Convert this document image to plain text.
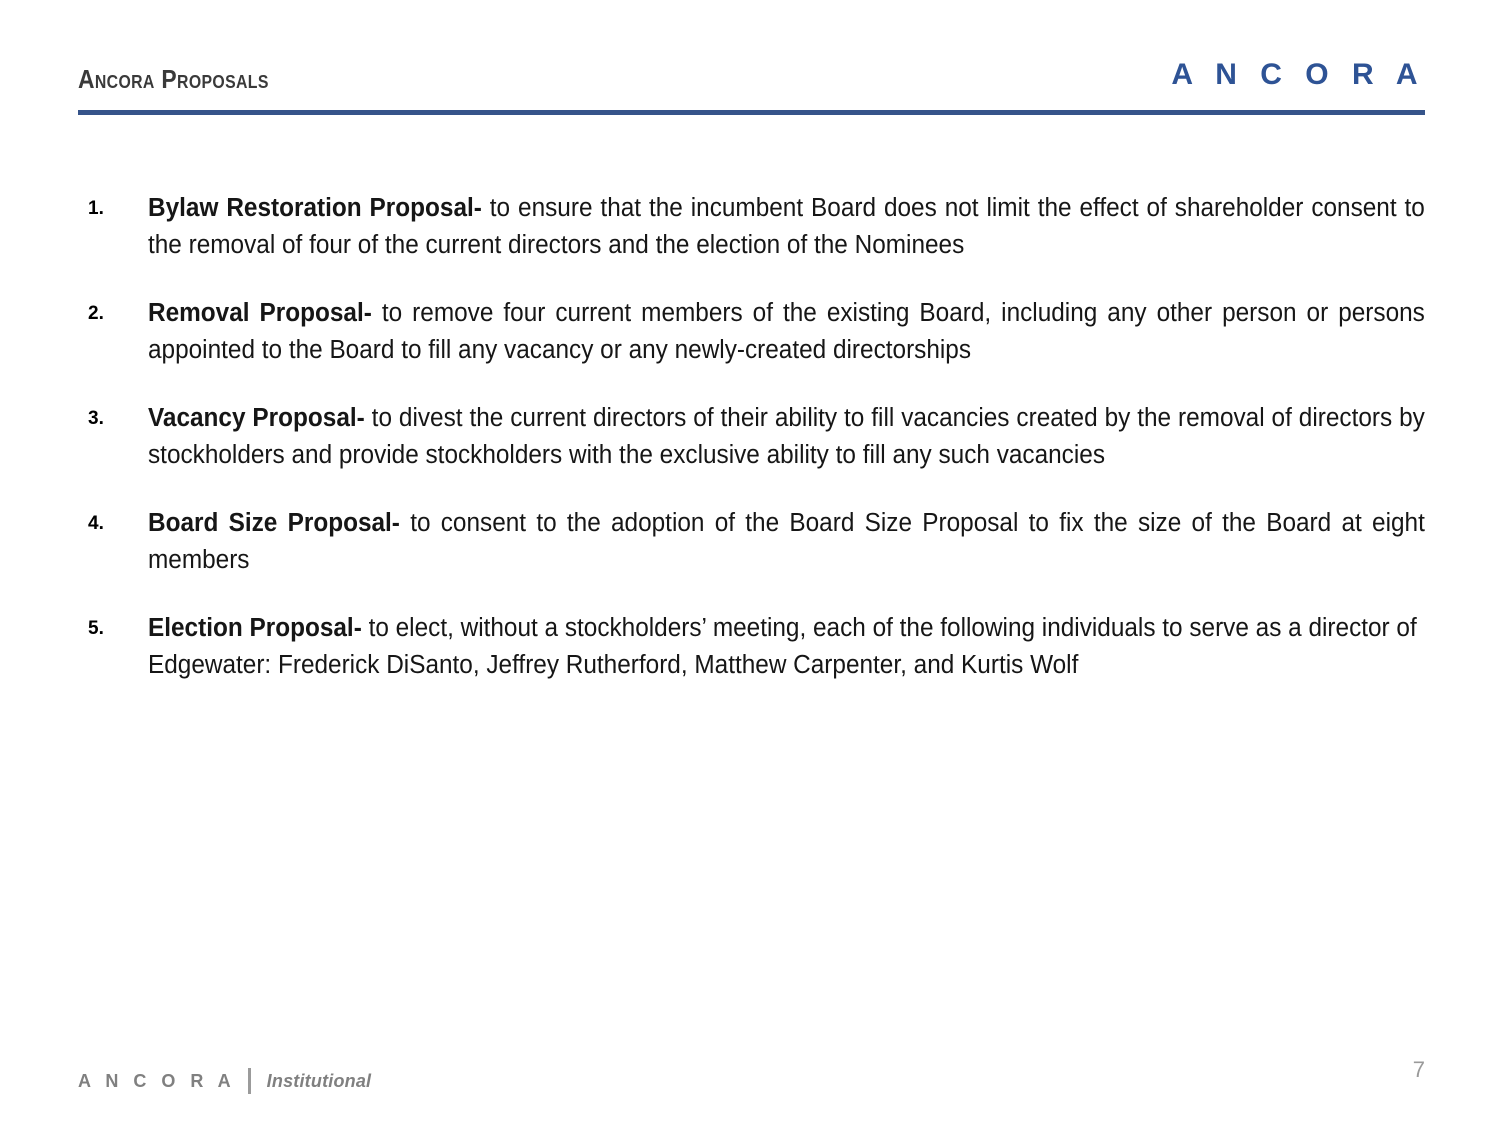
Ancora Proposals	A N C O R A
1.	Bylaw Restoration Proposal- to ensure that the incumbent Board does not limit the effect of shareholder consent to the removal of four of the current directors and the election of the Nominees
2.	Removal Proposal- to remove four current members of the existing Board, including any other person or persons appointed to the Board to fill any vacancy or any newly-created directorships
3.	Vacancy Proposal- to divest the current directors of their ability to fill vacancies created by the removal of directors by stockholders and provide stockholders with the exclusive ability to fill any such vacancies
4.	Board Size Proposal- to consent to the adoption of the Board Size Proposal to fix the size of the Board at eight members
5.	Election Proposal- to elect, without a stockholders’ meeting, each of the following individuals to serve as a director of Edgewater: Frederick DiSanto, Jeffrey Rutherford, Matthew Carpenter, and Kurtis Wolf
A N C O R A Institutional	7
